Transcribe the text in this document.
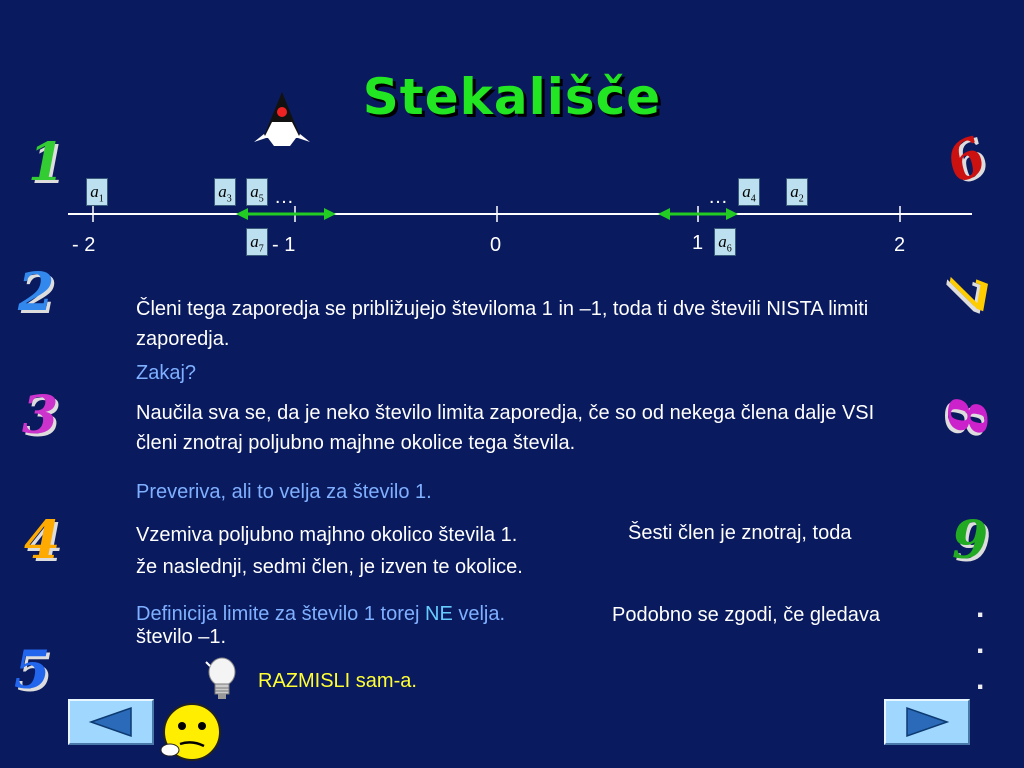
Stekališče
1
2
3
4
5
6
7
8
9
.
.
.
- 2	- 1	0	1	2
…	…
$a_1$	$a_3$ $a_5$
$a_7$
$a_4$ $a_2$
$a_6$
Členi tega zaporedja se približujejo številoma 1 in –1, toda ti dve števili NISTA limiti zaporedja.
Zakaj?
Naučila sva se, da je neko število limita zaporedja, če so od nekega člena dalje VSI členi znotraj poljubno majhne okolice tega števila.
Preveriva, ali to velja za število 1.
Vzemiva poljubno majhno okolico števila 1.	Šesti člen je znotraj, toda
že naslednji, sedmi člen, je izven te okolice.
Definicija limite za število 1 torej NE velja.	Podobno se zgodi, če gledava
število –1.
RAZMISLI sam-a.
